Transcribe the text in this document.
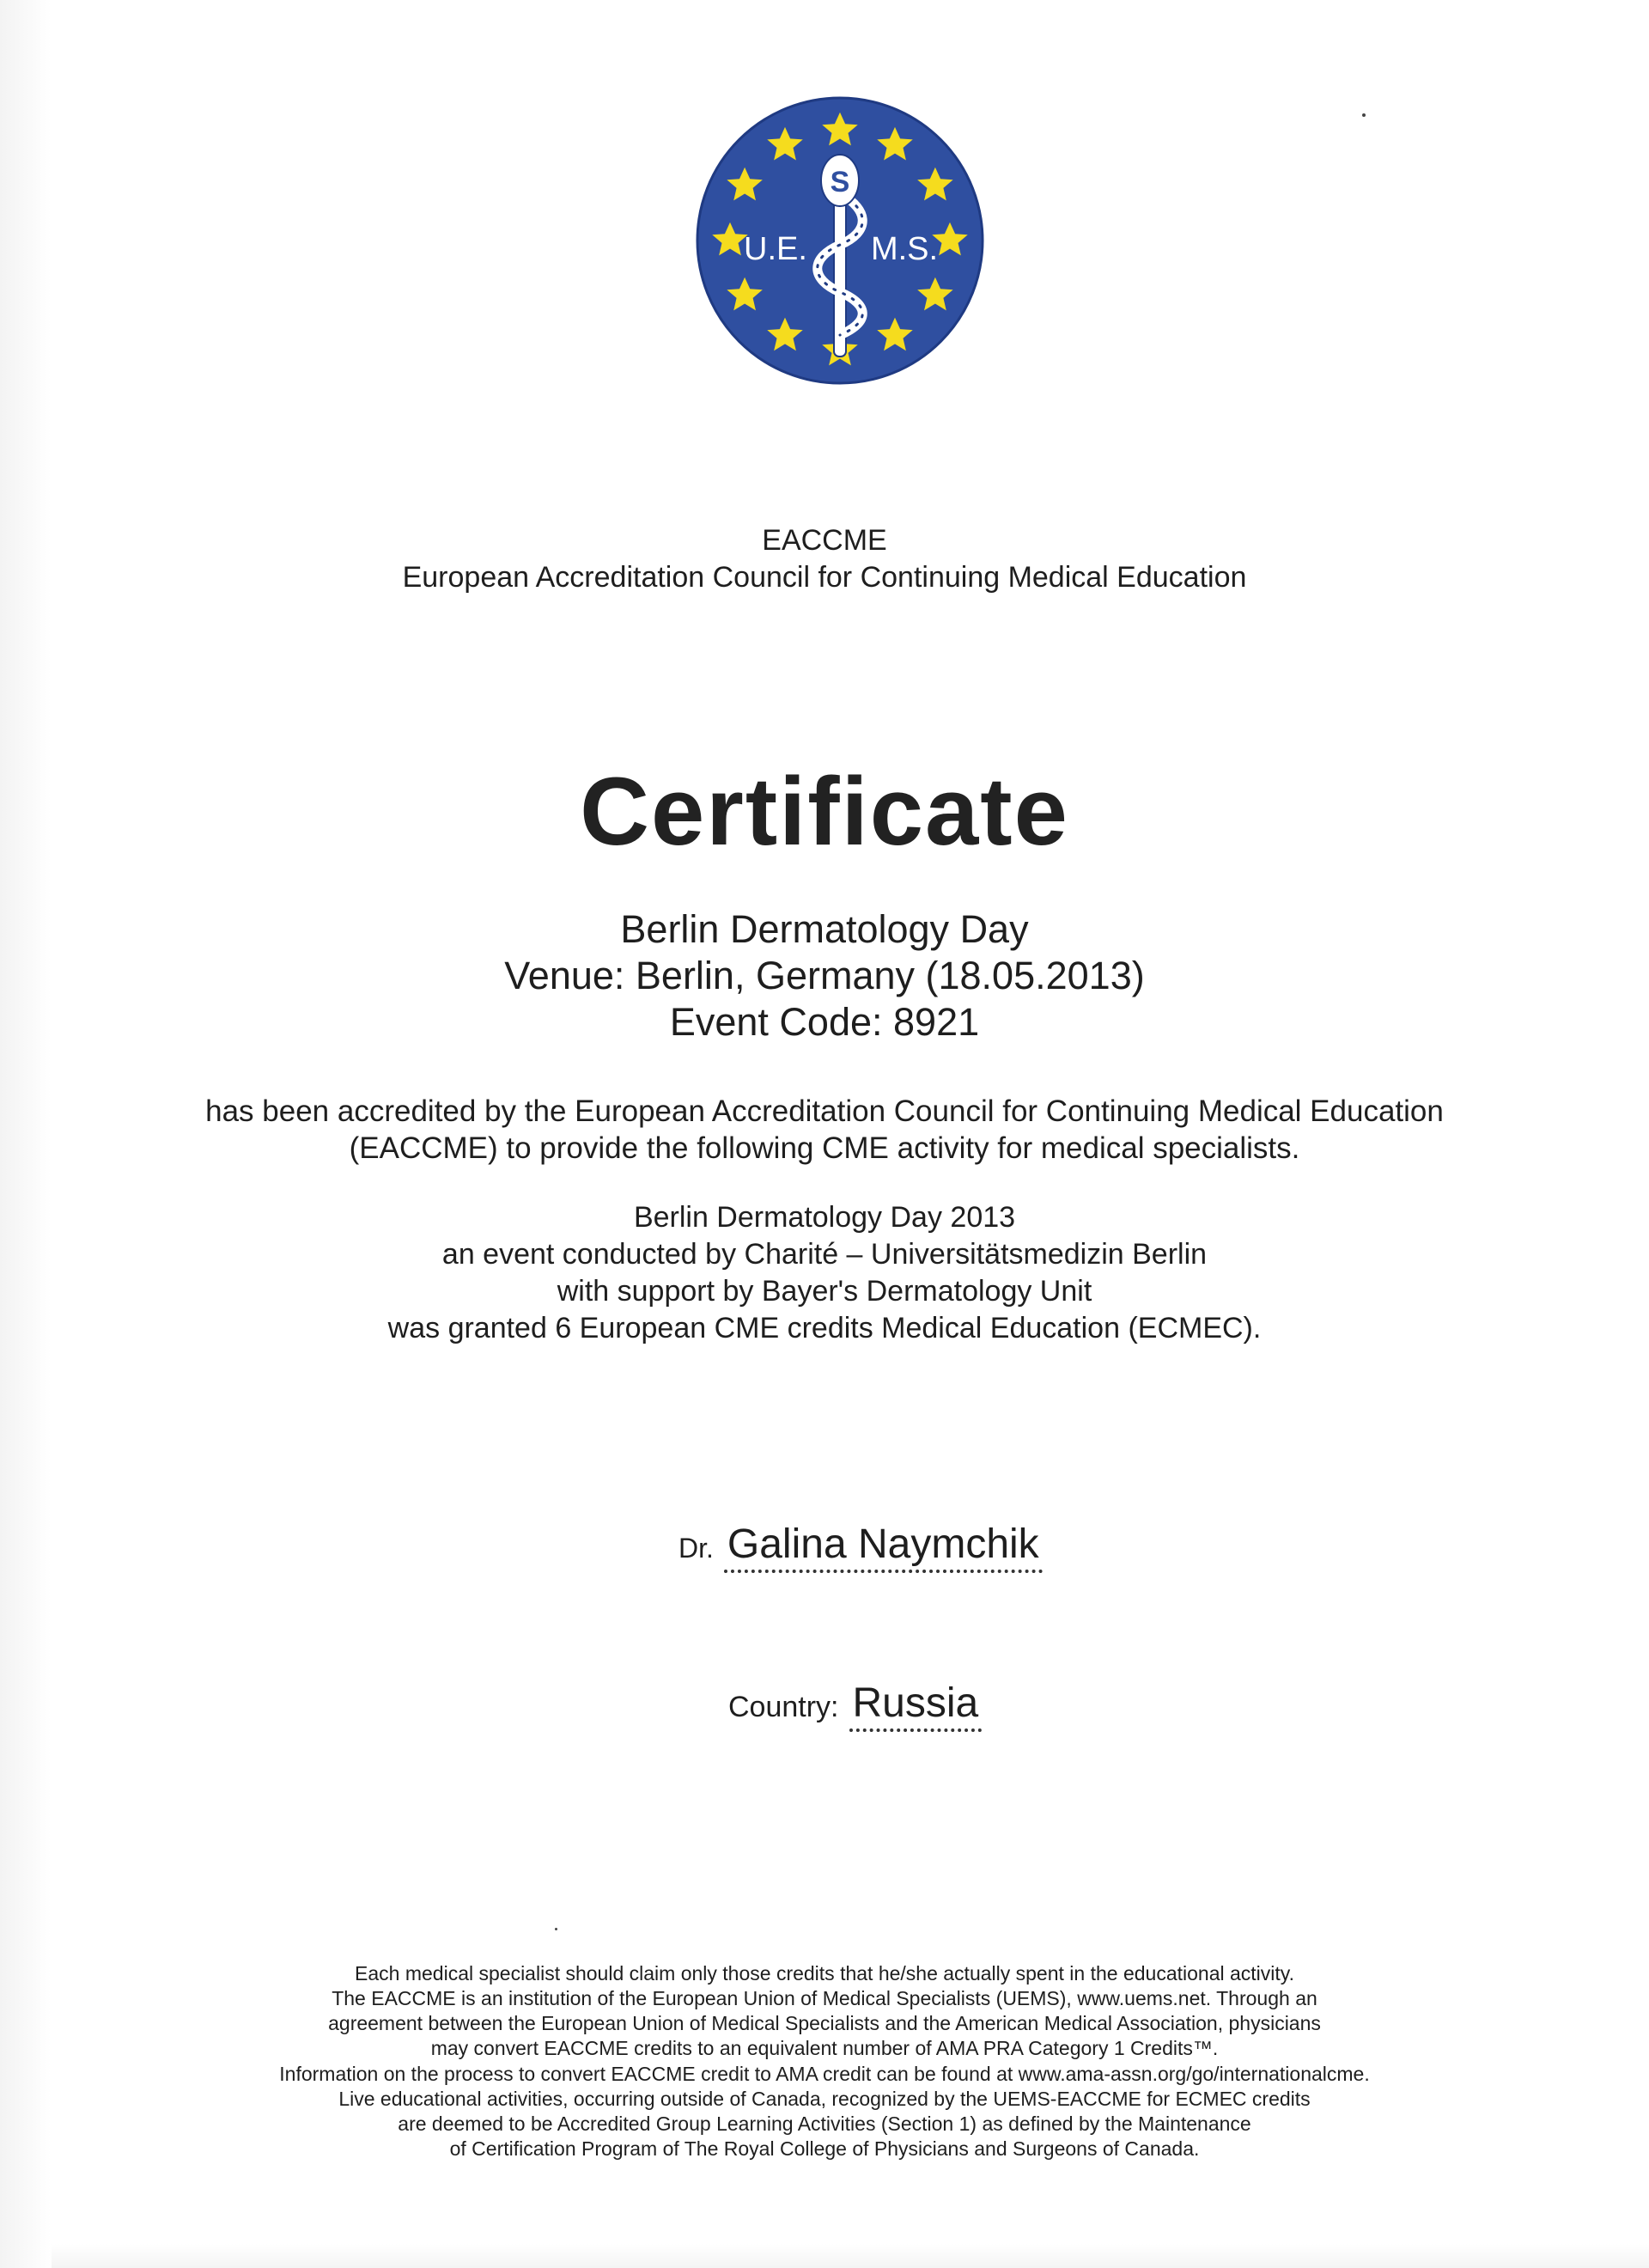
S
U.E. M.S.
EACCME
European Accreditation Council for Continuing Medical Education
Certificate
Berlin Dermatology Day
Venue: Berlin, Germany (18.05.2013)
Event Code: 8921
has been accredited by the European Accreditation Council for Continuing Medical Education
(EACCME) to provide the following CME activity for medical specialists.
Berlin Dermatology Day 2013
an event conducted by Charité – Universitätsmedizin Berlin
with support by Bayer's Dermatology Unit
was granted 6 European CME credits Medical Education (ECMEC).
Dr. Galina Naymchik
Country: Russia
Each medical specialist should claim only those credits that he/she actually spent in the educational activity.
The EACCME is an institution of the European Union of Medical Specialists (UEMS), www.uems.net. Through an
agreement between the European Union of Medical Specialists and the American Medical Association, physicians
may convert EACCME credits to an equivalent number of AMA PRA Category 1 Credits™.
Information on the process to convert EACCME credit to AMA credit can be found at www.ama-assn.org/go/internationalcme.
Live educational activities, occurring outside of Canada, recognized by the UEMS-EACCME for ECMEC credits
are deemed to be Accredited Group Learning Activities (Section 1) as defined by the Maintenance
of Certification Program of The Royal College of Physicians and Surgeons of Canada.
